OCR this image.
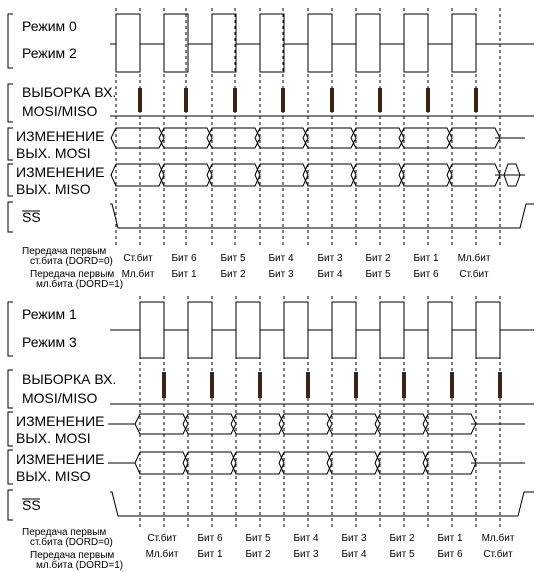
Режим 0
Режим 2
ВЫБОРКА ВХ.
MOSI/MISO
ИЗМЕНЕНИЕ
ВЫХ. MOSI
ИЗМЕНЕНИЕ
ВЫХ. MISO
SS
Передача первым
ст.бита (DORD=0)
Передача первым
мл.бита (DORD=1)
Ст.бит Бит 6 Бит 5 Бит 4 Бит 3 Бит 2 Бит 1 Мл.бит
Мл.бит Бит 1 Бит 2 Бит 3 Бит 4 Бит 5 Бит 6 Ст.бит
Режим 1
Режим 3
ВЫБОРКА ВХ.
MOSI/MISO
ИЗМЕНЕНИЕ
ВЫХ. MOSI
ИЗМЕНЕНИЕ
ВЫХ. MISO
SS
Передача первым
ст.бита (DORD=0)
Передача первым
мл.бита (DORD=1)
Ст.бит Бит 6 Бит 5 Бит 4 Бит 3 Бит 2 Бит 1 Мл.бит
Мл.бит Бит 1 Бит 2 Бит 3 Бит 4 Бит 5 Бит 6 Ст.бит
